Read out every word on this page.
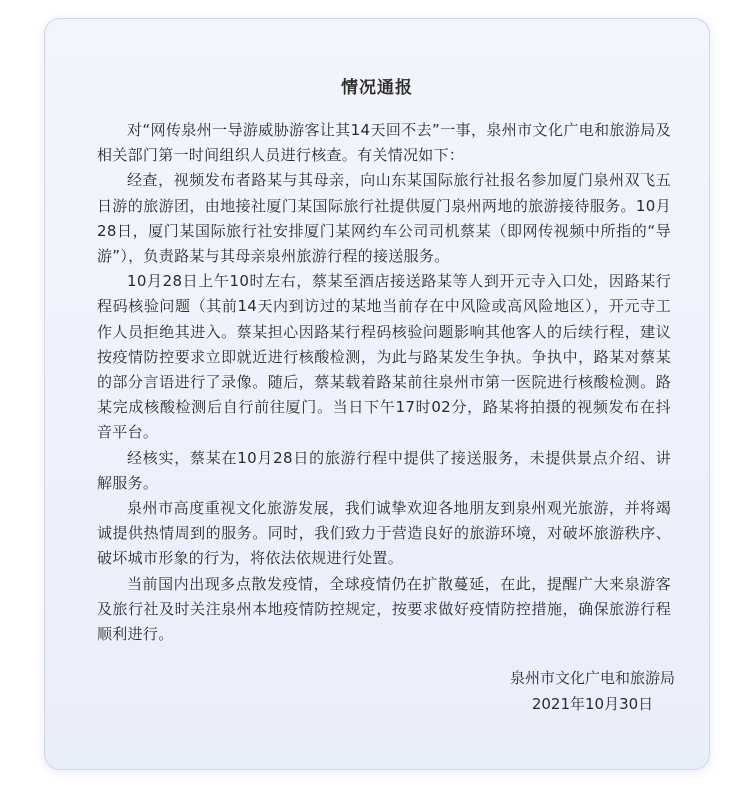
情况通报

对“网传泉州一导游威胁游客让其14天回不去”一事，泉州市文化广电和旅游局及相关部门第一时间组织人员进行核查。有关情况如下：

经查，视频发布者路某与其母亲，向山东某国际旅行社报名参加厦门泉州双飞五日游的旅游团，由地接社厦门某国际旅行社提供厦门泉州两地的旅游接待服务。10月28日，厦门某国际旅行社安排厦门某网约车公司司机蔡某（即网传视频中所指的“导游”），负责路某与其母亲泉州旅游行程的接送服务。

10月28日上午10时左右，蔡某至酒店接送路某等人到开元寺入口处，因路某行程码核验问题（其前14天内到访过的某地当前存在中风险或高风险地区），开元寺工作人员拒绝其进入。蔡某担心因路某行程码核验问题影响其他客人的后续行程，建议按疫情防控要求立即就近进行核酸检测，为此与路某发生争执。争执中，路某对蔡某的部分言语进行了录像。随后，蔡某载着路某前往泉州市第一医院进行核酸检测。路某完成核酸检测后自行前往厦门。当日下午17时02分，路某将拍摄的视频发布在抖音平台。

经核实，蔡某在10月28日的旅游行程中提供了接送服务，未提供景点介绍、讲解服务。

泉州市高度重视文化旅游发展，我们诚挚欢迎各地朋友到泉州观光旅游，并将竭诚提供热情周到的服务。同时，我们致力于营造良好的旅游环境，对破坏旅游秩序、破坏城市形象的行为，将依法依规进行处置。

当前国内出现多点散发疫情，全球疫情仍在扩散蔓延，在此，提醒广大来泉游客及旅行社及时关注泉州本地疫情防控规定，按要求做好疫情防控措施，确保旅游行程顺利进行。

泉州市文化广电和旅游局
2021年10月30日
